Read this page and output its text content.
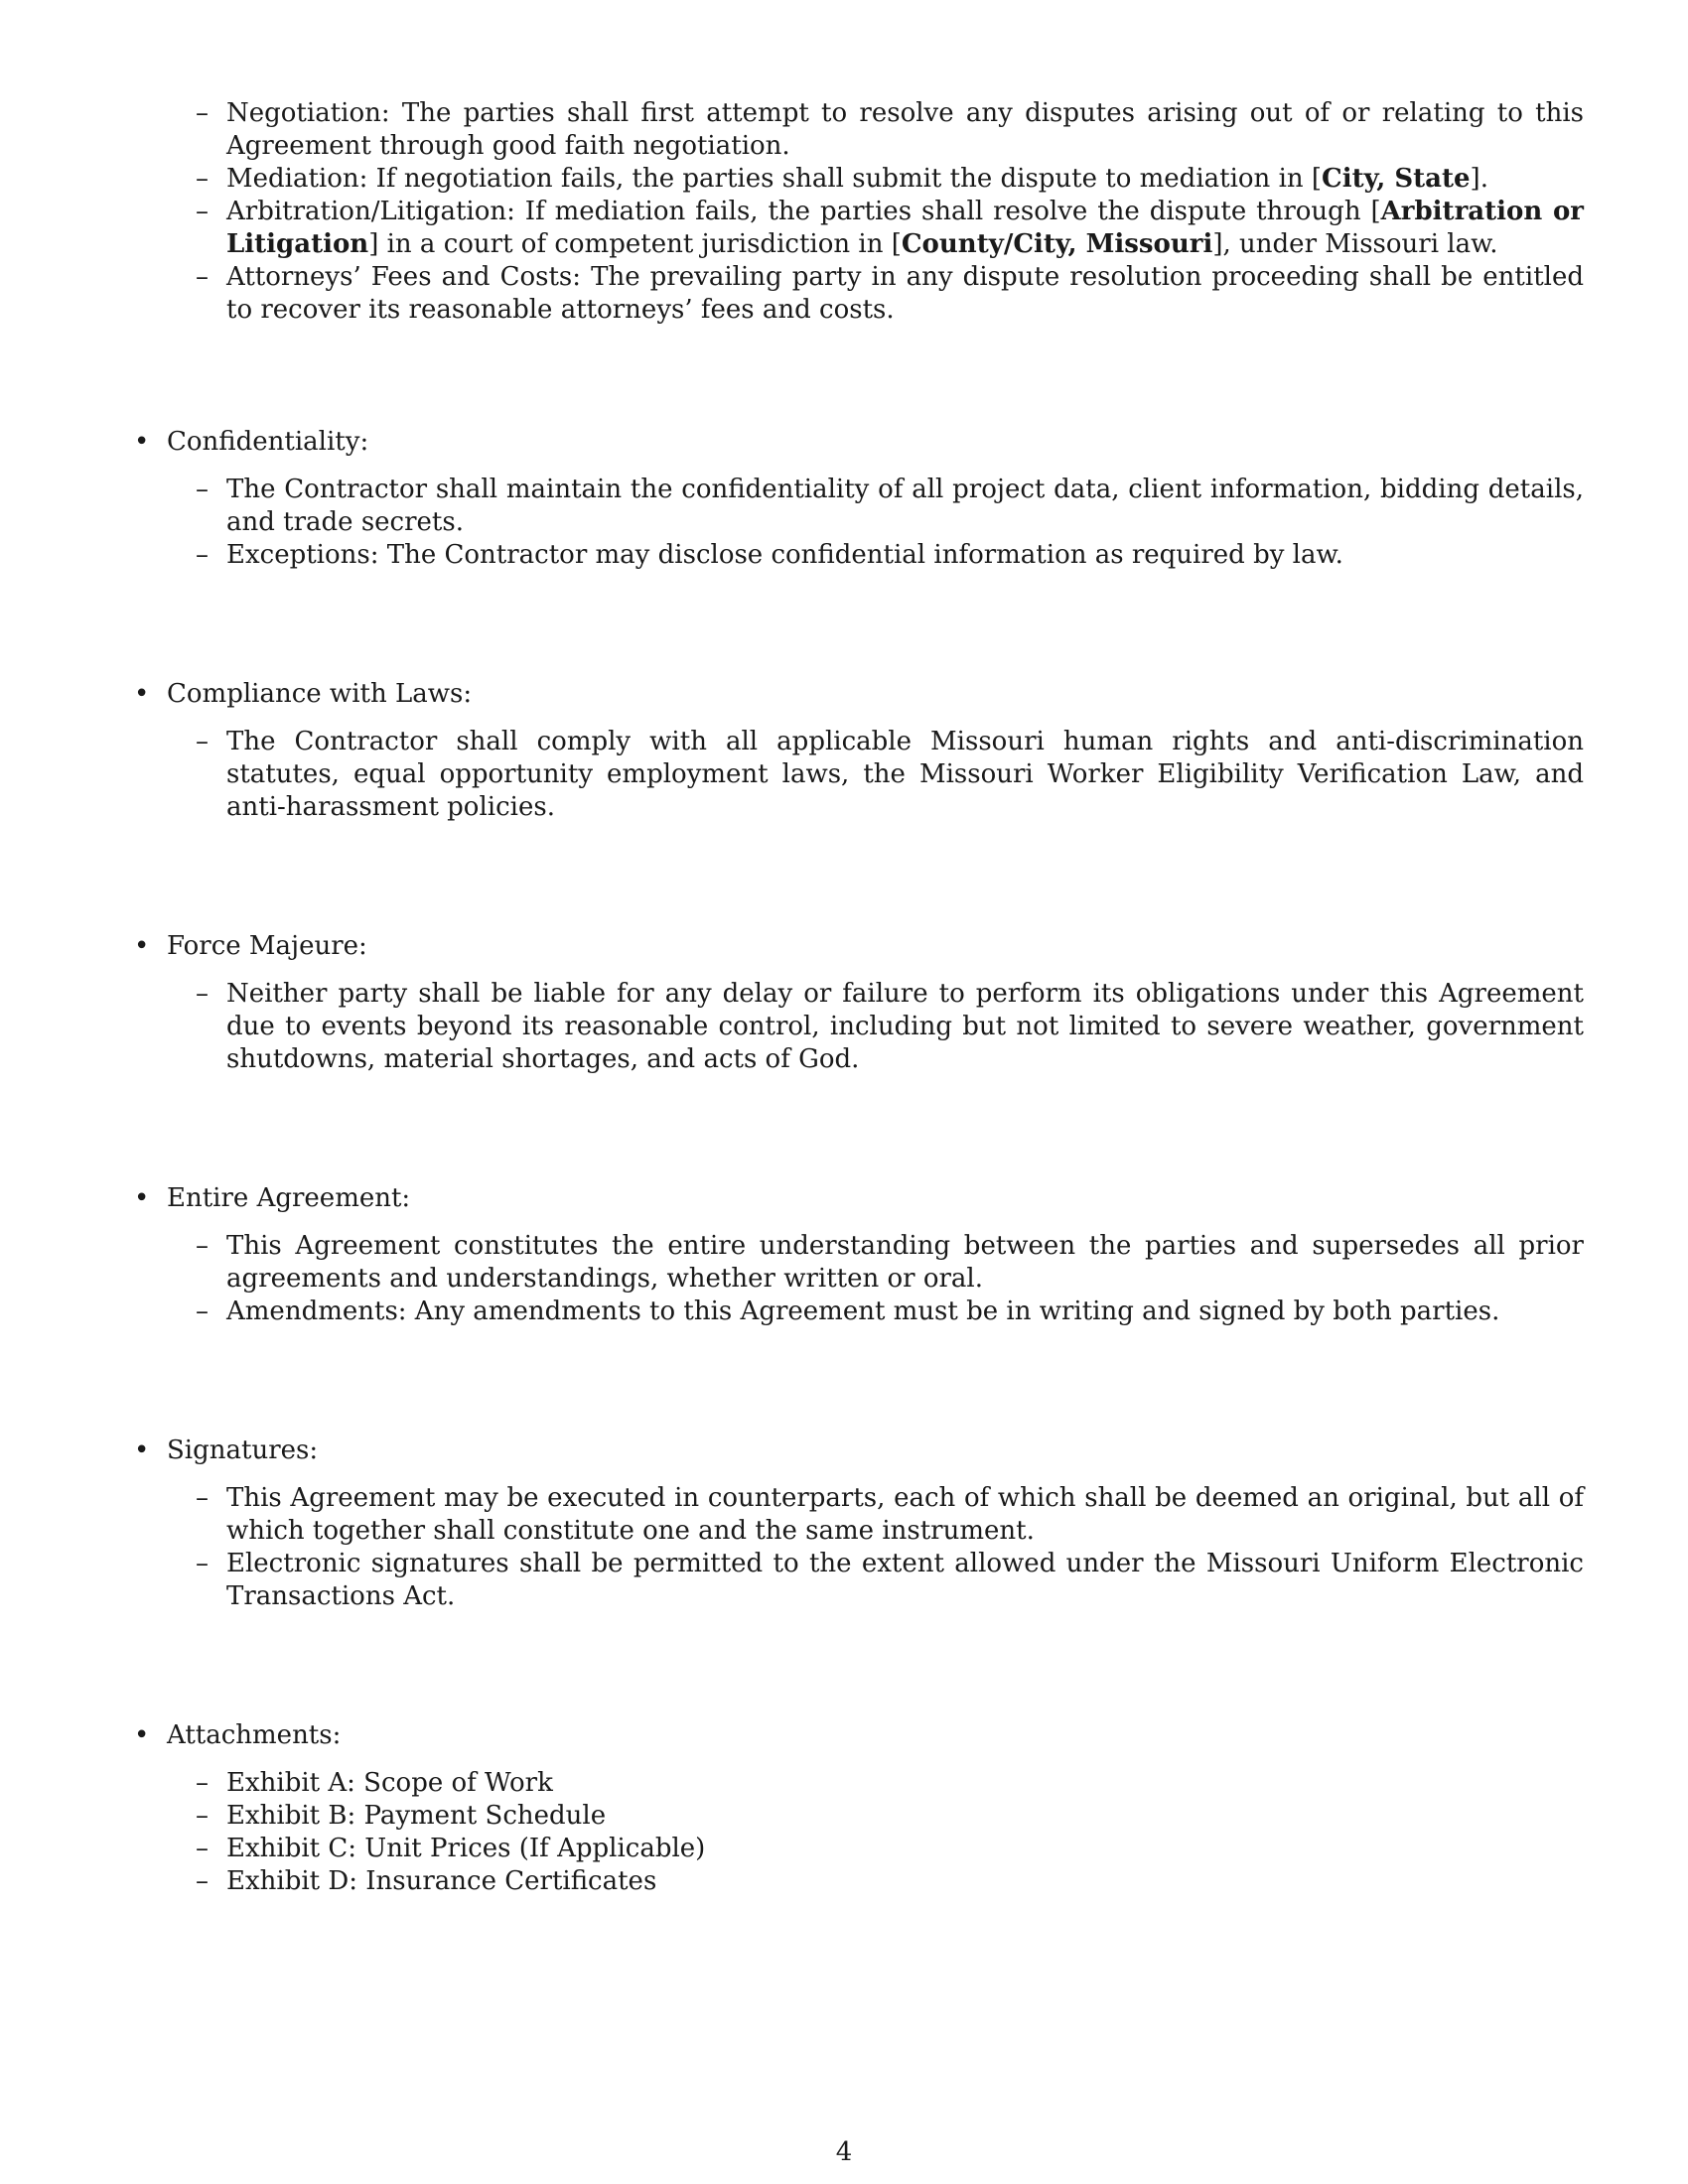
– Negotiation: The parties shall first attempt to resolve any disputes arising out of or relating to this Agreement through good faith negotiation.
– Mediation: If negotiation fails, the parties shall submit the dispute to mediation in [City, State].
– Arbitration/Litigation: If mediation fails, the parties shall resolve the dispute through [Arbitration or Litigation] in a court of competent jurisdiction in [County/City, Missouri], under Missouri law.
– Attorneys’ Fees and Costs: The prevailing party in any dispute resolution proceeding shall be entitled to recover its reasonable attorneys’ fees and costs.
• Confidentiality:

– The Contractor shall maintain the confidentiality of all project data, client information, bidding details, and trade secrets.
– Exceptions: The Contractor may disclose confidential information as required by law.
• Compliance with Laws:

– The Contractor shall comply with all applicable Missouri human rights and anti-discrimination statutes, equal opportunity employment laws, the Missouri Worker Eligibility Verification Law, and anti-harassment policies.
• Force Majeure:

– Neither party shall be liable for any delay or failure to perform its obligations under this Agreement due to events beyond its reasonable control, including but not limited to severe weather, government shutdowns, material shortages, and acts of God.
• Entire Agreement:

– This Agreement constitutes the entire understanding between the parties and supersedes all prior agreements and understandings, whether written or oral.
– Amendments: Any amendments to this Agreement must be in writing and signed by both parties.
• Signatures:

– This Agreement may be executed in counterparts, each of which shall be deemed an original, but all of which together shall constitute one and the same instrument.
– Electronic signatures shall be permitted to the extent allowed under the Missouri Uniform Electronic Transactions Act.
• Attachments:

– Exhibit A: Scope of Work
– Exhibit B: Payment Schedule
– Exhibit C: Unit Prices (If Applicable)
– Exhibit D: Insurance Certificates
4
